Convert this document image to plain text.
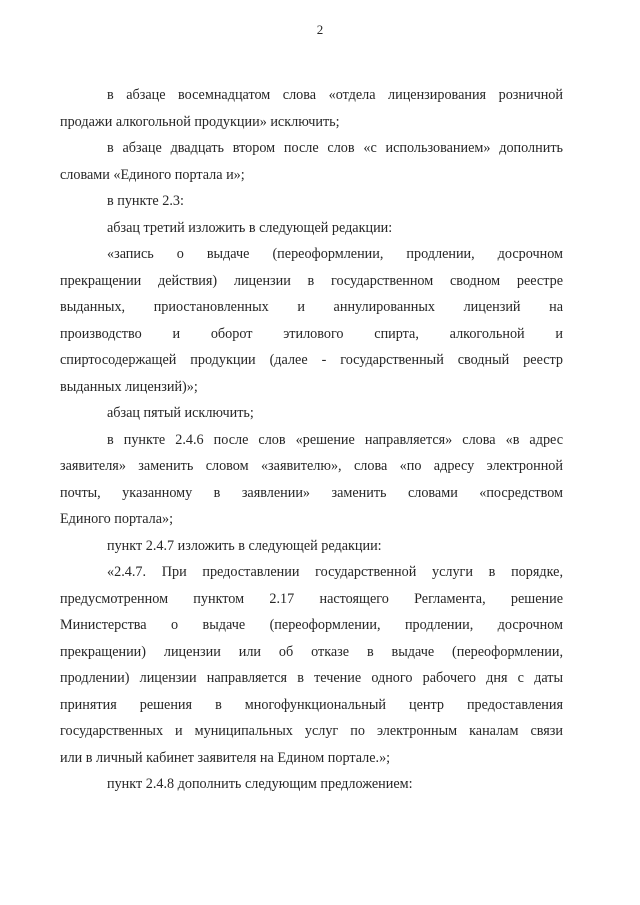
2
в абзаце восемнадцатом слова «отдела лицензирования розничной
продажи алкогольной продукции» исключить;
в абзаце двадцать втором после слов «с использованием» дополнить
словами «Единого портала и»;
в пункте 2.3:
абзац третий изложить в следующей редакции:
«запись о выдаче (переоформлении, продлении, досрочном
прекращении действия) лицензии в государственном сводном реестре
выданных, приостановленных и аннулированных лицензий на
производство и оборот этилового спирта, алкогольной и
спиртосодержащей продукции (далее - государственный сводный реестр
выданных лицензий)»;
абзац пятый исключить;
в пункте 2.4.6 после слов «решение направляется» слова «в адрес
заявителя» заменить словом «заявителю», слова «по адресу электронной
почты, указанному в заявлении» заменить словами «посредством
Единого портала»;
пункт 2.4.7 изложить в следующей редакции:
«2.4.7. При предоставлении государственной услуги в порядке,
предусмотренном пунктом 2.17 настоящего Регламента, решение
Министерства о выдаче (переоформлении, продлении, досрочном
прекращении) лицензии или об отказе в выдаче (переоформлении,
продлении) лицензии направляется в течение одного рабочего дня с даты
принятия решения в многофункциональный центр предоставления
государственных и муниципальных услуг по электронным каналам связи
или в личный кабинет заявителя на Едином портале.»;
пункт 2.4.8 дополнить следующим предложением:
